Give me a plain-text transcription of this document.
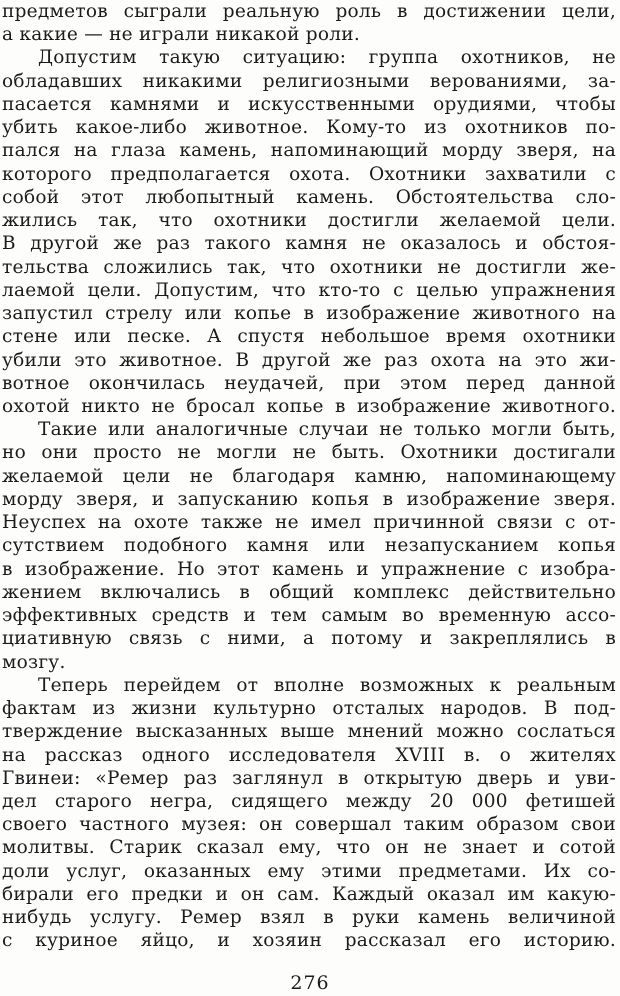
предметов сыграли реальную роль в достижении цели,
а какие — не играли никакой роли.
Допустим такую ситуацию: группа охотников, не
обладавших никакими религиозными верованиями, за-
пасается камнями и искусственными орудиями, чтобы
убить какое-либо животное. Кому-то из охотников по-
пался на глаза камень, напоминающий морду зверя, на
которого предполагается охота. Охотники захватили с
собой этот любопытный камень. Обстоятельства сло-
жились так, что охотники достигли желаемой цели.
В другой же раз такого камня не оказалось и обстоя-
тельства сложились так, что охотники не достигли же-
лаемой цели. Допустим, что кто-то с целью упражнения
запустил стрелу или копье в изображение животного на
стене или песке. А спустя небольшое время охотники
убили это животное. В другой же раз охота на это жи-
вотное окончилась неудачей, при этом перед данной
охотой никто не бросал копье в изображение животного.
Такие или аналогичные случаи не только могли быть,
но они просто не могли не быть. Охотники достигали
желаемой цели не благодаря камню, напоминающему
морду зверя, и запусканию копья в изображение зверя.
Неуспех на охоте также не имел причинной связи с от-
сутствием подобного камня или незапусканием копья
в изображение. Но этот камень и упражнение с изобра-
жением включались в общий комплекс действительно
эффективных средств и тем самым во временную ассо-
циативную связь с ними, а потому и закреплялись в
мозгу.
Теперь перейдем от вполне возможных к реальным
фактам из жизни культурно отсталых народов. В под-
тверждение высказанных выше мнений можно сослаться
на рассказ одного исследователя XVIII в. о жителях
Гвинеи: «Ремер раз заглянул в открытую дверь и уви-
дел старого негра, сидящего между 20 000 фетишей
своего частного музея: он совершал таким образом свои
молитвы. Старик сказал ему, что он не знает и сотой
доли услуг, оказанных ему этими предметами. Их со-
бирали его предки и он сам. Каждый оказал им какую-
нибудь услугу. Ремер взял в руки камень величиной
с куриное яйцо, и хозяин рассказал его историю.
276
